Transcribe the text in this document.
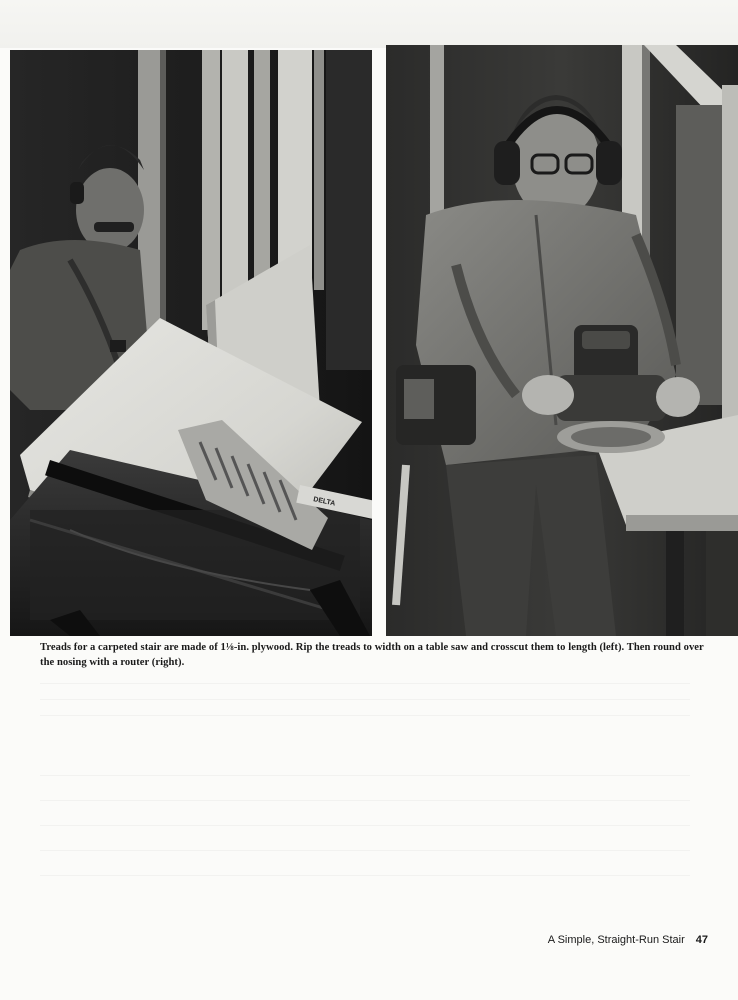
DELTA

Treads for a carpeted stair are made of 1⅛-in. plywood. Rip the treads to width on a table saw and crosscut them to length (left). Then round over the nosing with a router (right).

A Simple, Straight-Run Stair 47
